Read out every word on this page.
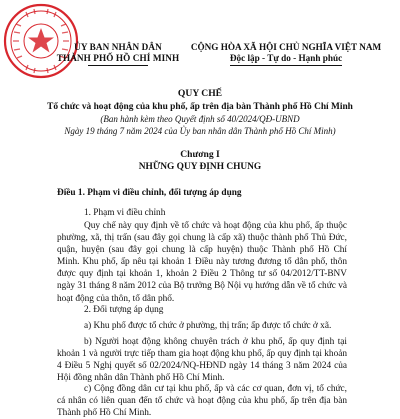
ỦY BAN NHÂN DÂN
THÀNH PHỐ HỒ CHÍ MINH
CỘNG HÒA XÃ HỘI CHỦ NGHĨA VIỆT NAM
Độc lập - Tự do - Hạnh phúc
QUY CHẾ
Tổ chức và hoạt động của khu phố, ấp trên địa bàn Thành phố Hồ Chí Minh
(Ban hành kèm theo Quyết định số 40/2024/QĐ-UBND
Ngày 19 tháng 7 năm 2024 của Ủy ban nhân dân Thành phố Hồ Chí Minh)
Chương I
NHỮNG QUY ĐỊNH CHUNG
Điều 1. Phạm vi điều chỉnh, đối tượng áp dụng
1. Phạm vi điều chỉnh
Quy chế này quy định về tổ chức và hoạt động của khu phố, ấp thuộc phường, xã, thị trấn (sau đây gọi chung là cấp xã) thuộc thành phố Thủ Đức, quận, huyện (sau đây gọi chung là cấp huyện) thuộc Thành phố Hồ Chí Minh. Khu phố, ấp nêu tại khoản 1 Điều này tương đương tổ dân phố, thôn được quy định tại khoản 1, khoản 2 Điều 2 Thông tư số 04/2012/TT-BNV ngày 31 tháng 8 năm 2012 của Bộ trưởng Bộ Nội vụ hướng dẫn về tổ chức và hoạt động của thôn, tổ dân phố.
2. Đối tượng áp dụng
a) Khu phố được tổ chức ở phường, thị trấn; ấp được tổ chức ở xã.
b) Người hoạt động không chuyên trách ở khu phố, ấp quy định tại khoản 1 và người trực tiếp tham gia hoạt động khu phố, ấp quy định tại khoản 4 Điều 5 Nghị quyết số 02/2024/NQ-HĐND ngày 14 tháng 3 năm 2024 của Hội đồng nhân dân Thành phố Hồ Chí Minh.
c) Cộng đồng dân cư tại khu phố, ấp và các cơ quan, đơn vị, tổ chức, cá nhân có liên quan đến tổ chức và hoạt động của khu phố, ấp trên địa bàn Thành phố Hồ Chí Minh.
